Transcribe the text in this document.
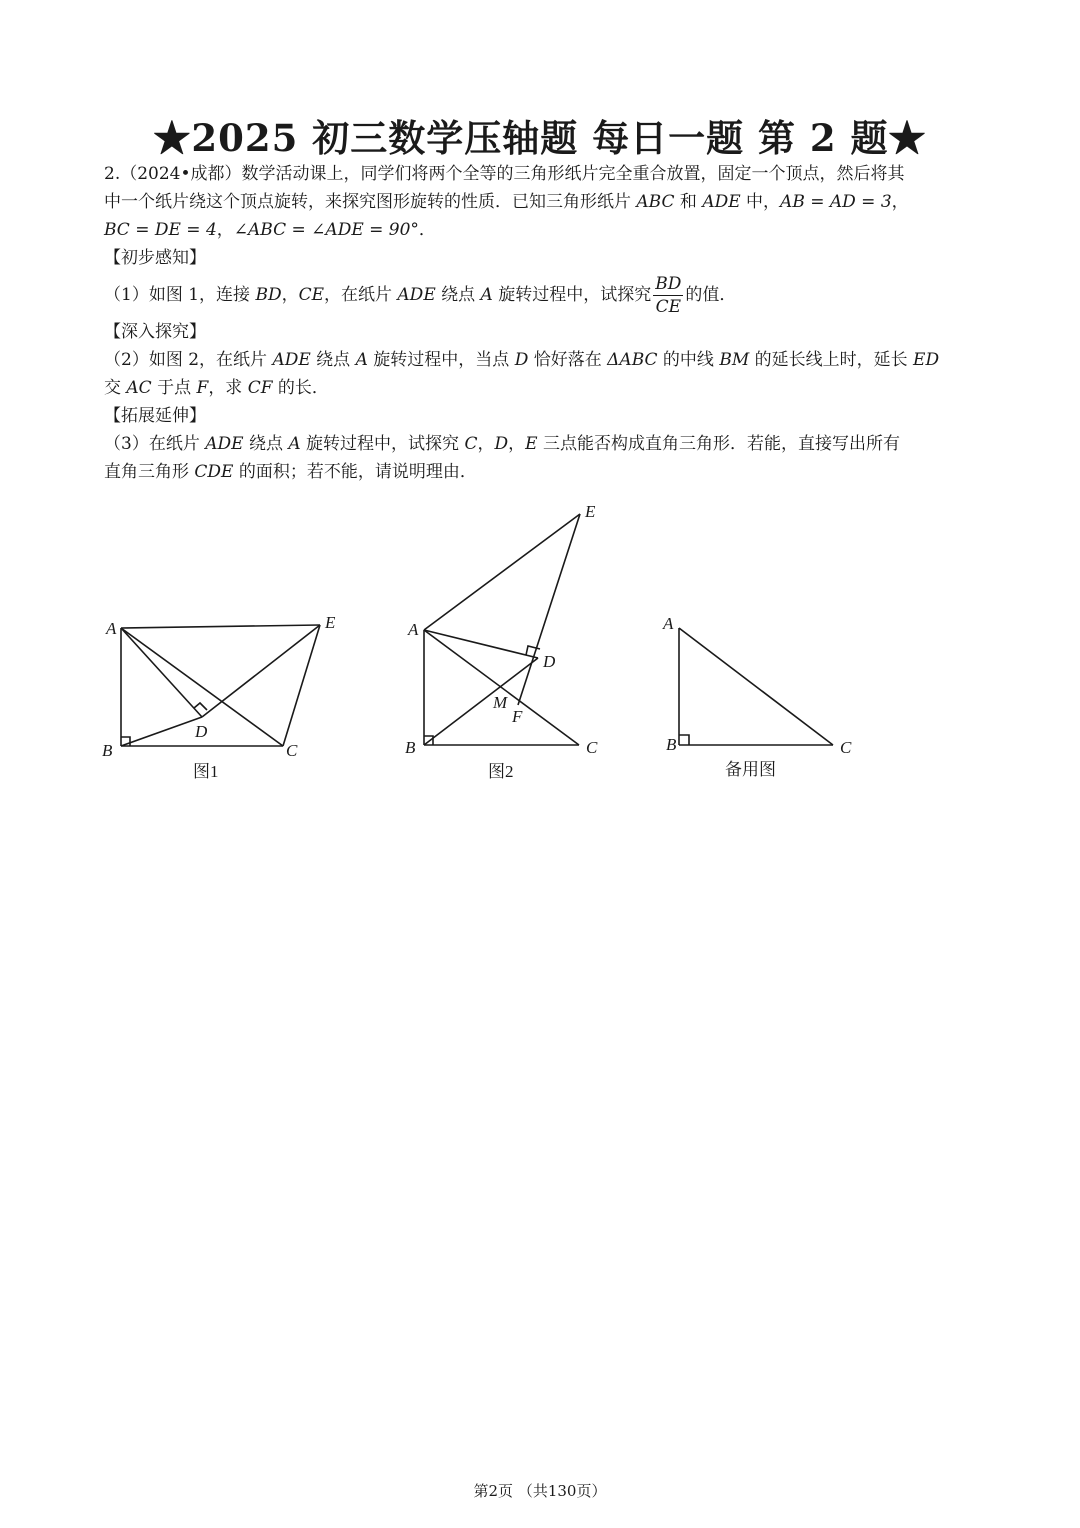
★2025 初三数学压轴题 每日一题 第 2 题★
2.（2024•成都）数学活动课上，同学们将两个全等的三角形纸片完全重合放置，固定一个顶点，然后将其
中一个纸片绕这个顶点旋转，来探究图形旋转的性质．已知三角形纸片 ABC 和 ADE 中，AB = AD = 3，
BC = DE = 4，∠ABC = ∠ADE = 90°．
【初步感知】
（1）如图 1，连接 BD，CE，在纸片 ADE 绕点 A 旋转过程中，试探究 $\frac{BD}{CE}$ 的值．
【深入探究】
（2）如图 2，在纸片 ADE 绕点 A 旋转过程中，当点 D 恰好落在 ΔABC 的中线 BM 的延长线上时，延长 ED
交 AC 于点 F，求 CF 的长．
【拓展延伸】
（3）在纸片 ADE 绕点 A 旋转过程中，试探究 C，D，E 三点能否构成直角三角形．若能，直接写出所有
直角三角形 CDE 的面积；若不能，请说明理由．
A
B	C
D
E
图1
A
B	C
D
E
M
F
图2
A
B	C
备用图
第2页 （共130页）
